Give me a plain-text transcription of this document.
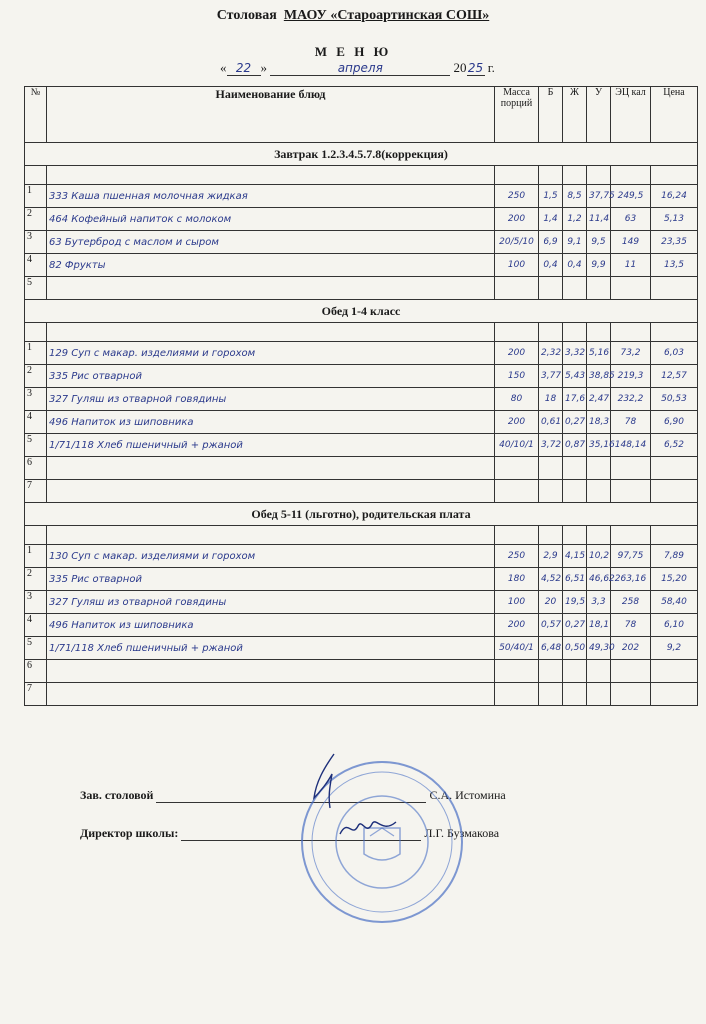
Столовая МАОУ «Староартинская СОШ»
М Е Н Ю
« 22 »	апреля	2025 г.
№	Наименование блюд	Масса порций	Б	Ж	У	ЭЦ кал	Цена
Завтрак 1.2.3.4.5.7.8(коррекция)							

1	333 Каша пшенная молочная жидкая	250	1,5	8,5	37,75	249,5	16,24
2	464 Кофейный напиток с молоком	200	1,4	1,2	11,4	63	5,13
3	63 Бутерброд с маслом и сыром	20/5/10	6,9	9,1	9,5	149	23,35
4	82 Фрукты	100	0,4	0,4	9,9	11	13,5
5							
Обед 1-4 класс							

1	129 Суп с макар. изделиями и горохом	200	2,32	3,32	5,16	73,2	6,03
2	335 Рис отварной	150	3,77	5,43	38,85	219,3	12,57
3	327 Гуляш из отварной говядины	80	18	17,6	2,47	232,2	50,53
4	496 Напиток из шиповника	200	0,61	0,27	18,3	78	6,90
5	1/71/118 Хлеб пшеничный + ржаной	40/10/1	3,72	0,87	35,16	148,14	6,52
6							
7							
Обед 5-11 (льготно), родительская плата							

1	130 Суп с макар. изделиями и горохом	250	2,9	4,15	10,2	97,75	7,89
2	335 Рис отварной	180	4,52	6,51	46,62	263,16	15,20
3	327 Гуляш из отварной говядины	100	20	19,5	3,3	258	58,40
4	496 Напиток из шиповника	200	0,57	0,27	18,1	78	6,10
5	1/71/118 Хлеб пшеничный + ржаной	50/40/1	6,48	0,50	49,30	202	9,2
6							
7							
Зав. столовой	С.А. Истомина
Директор школы:	Л.Г. Бузмакова
